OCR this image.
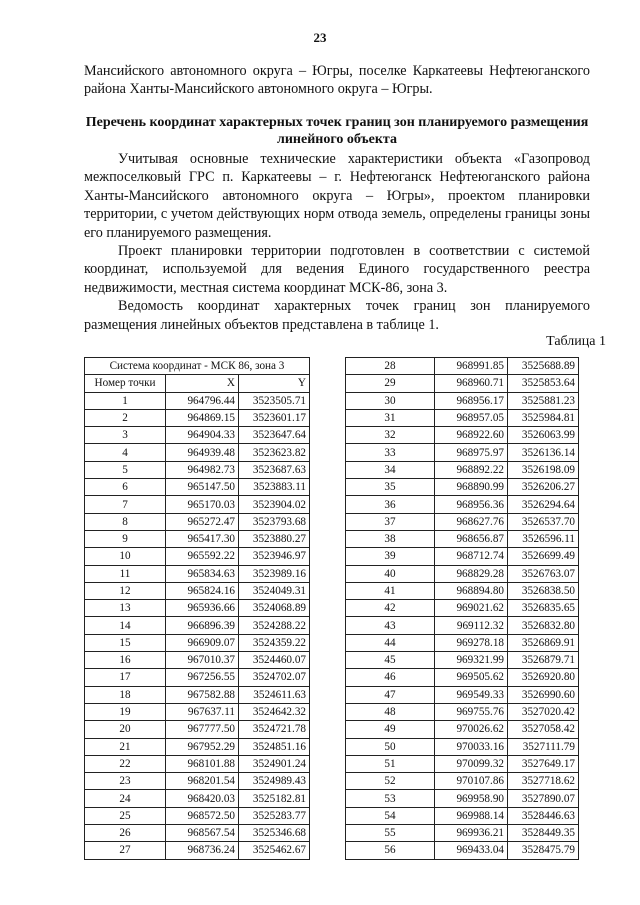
23
Мансийского автономного округа – Югры, поселке Каркатеевы Нефтеюганского района Ханты-Мансийского автономного округа – Югры.
Перечень координат характерных точек границ зон планируемого размещения линейного объекта

Учитывая основные технические характеристики объекта «Газопровод межпоселковый ГРС п. Каркатеевы – г. Нефтеюганск Нефтеюганского района Ханты-Мансийского автономного округа – Югры», проектом планировки территории, с учетом действующих норм отвода земель, определены границы зоны его планируемого размещения.

Проект планировки территории подготовлен в соответствии с системой координат, используемой для ведения Единого государственного реестра недвижимости, местная система координат МСК-86, зона 3.

Ведомость координат характерных точек границ зон планируемого размещения линейных объектов представлена в таблице 1.

Таблица 1
Система координат - МСК 86, зона 3		
Номер точки	X	Y
1	964796.44	3523505.71
2	964869.15	3523601.17
3	964904.33	3523647.64
4	964939.48	3523623.82
5	964982.73	3523687.63
6	965147.50	3523883.11
7	965170.03	3523904.02
8	965272.47	3523793.68
9	965417.30	3523880.27
10	965592.22	3523946.97
11	965834.63	3523989.16
12	965824.16	3524049.31
13	965936.66	3524068.89
14	966896.39	3524288.22
15	966909.07	3524359.22
16	967010.37	3524460.07
17	967256.55	3524702.07
18	967582.88	3524611.63
19	967637.11	3524642.32
20	967777.50	3524721.78
21	967952.29	3524851.16
22	968101.88	3524901.24
23	968201.54	3524989.43
24	968420.03	3525182.81
25	968572.50	3525283.77
26	968567.54	3525346.68
27	968736.24	3525462.67
28	968991.85	3525688.89
29	968960.71	3525853.64
30	968956.17	3525881.23
31	968957.05	3525984.81
32	968922.60	3526063.99
33	968975.97	3526136.14
34	968892.22	3526198.09
35	968890.99	3526206.27
36	968956.36	3526294.64
37	968627.76	3526537.70
38	968656.87	3526596.11
39	968712.74	3526699.49
40	968829.28	3526763.07
41	968894.80	3526838.50
42	969021.62	3526835.65
43	969112.32	3526832.80
44	969278.18	3526869.91
45	969321.99	3526879.71
46	969505.62	3526920.80
47	969549.33	3526990.60
48	969755.76	3527020.42
49	970026.62	3527058.42
50	970033.16	3527111.79
51	970099.32	3527649.17
52	970107.86	3527718.62
53	969958.90	3527890.07
54	969988.14	3528446.63
55	969936.21	3528449.35
56	969433.04	3528475.79
